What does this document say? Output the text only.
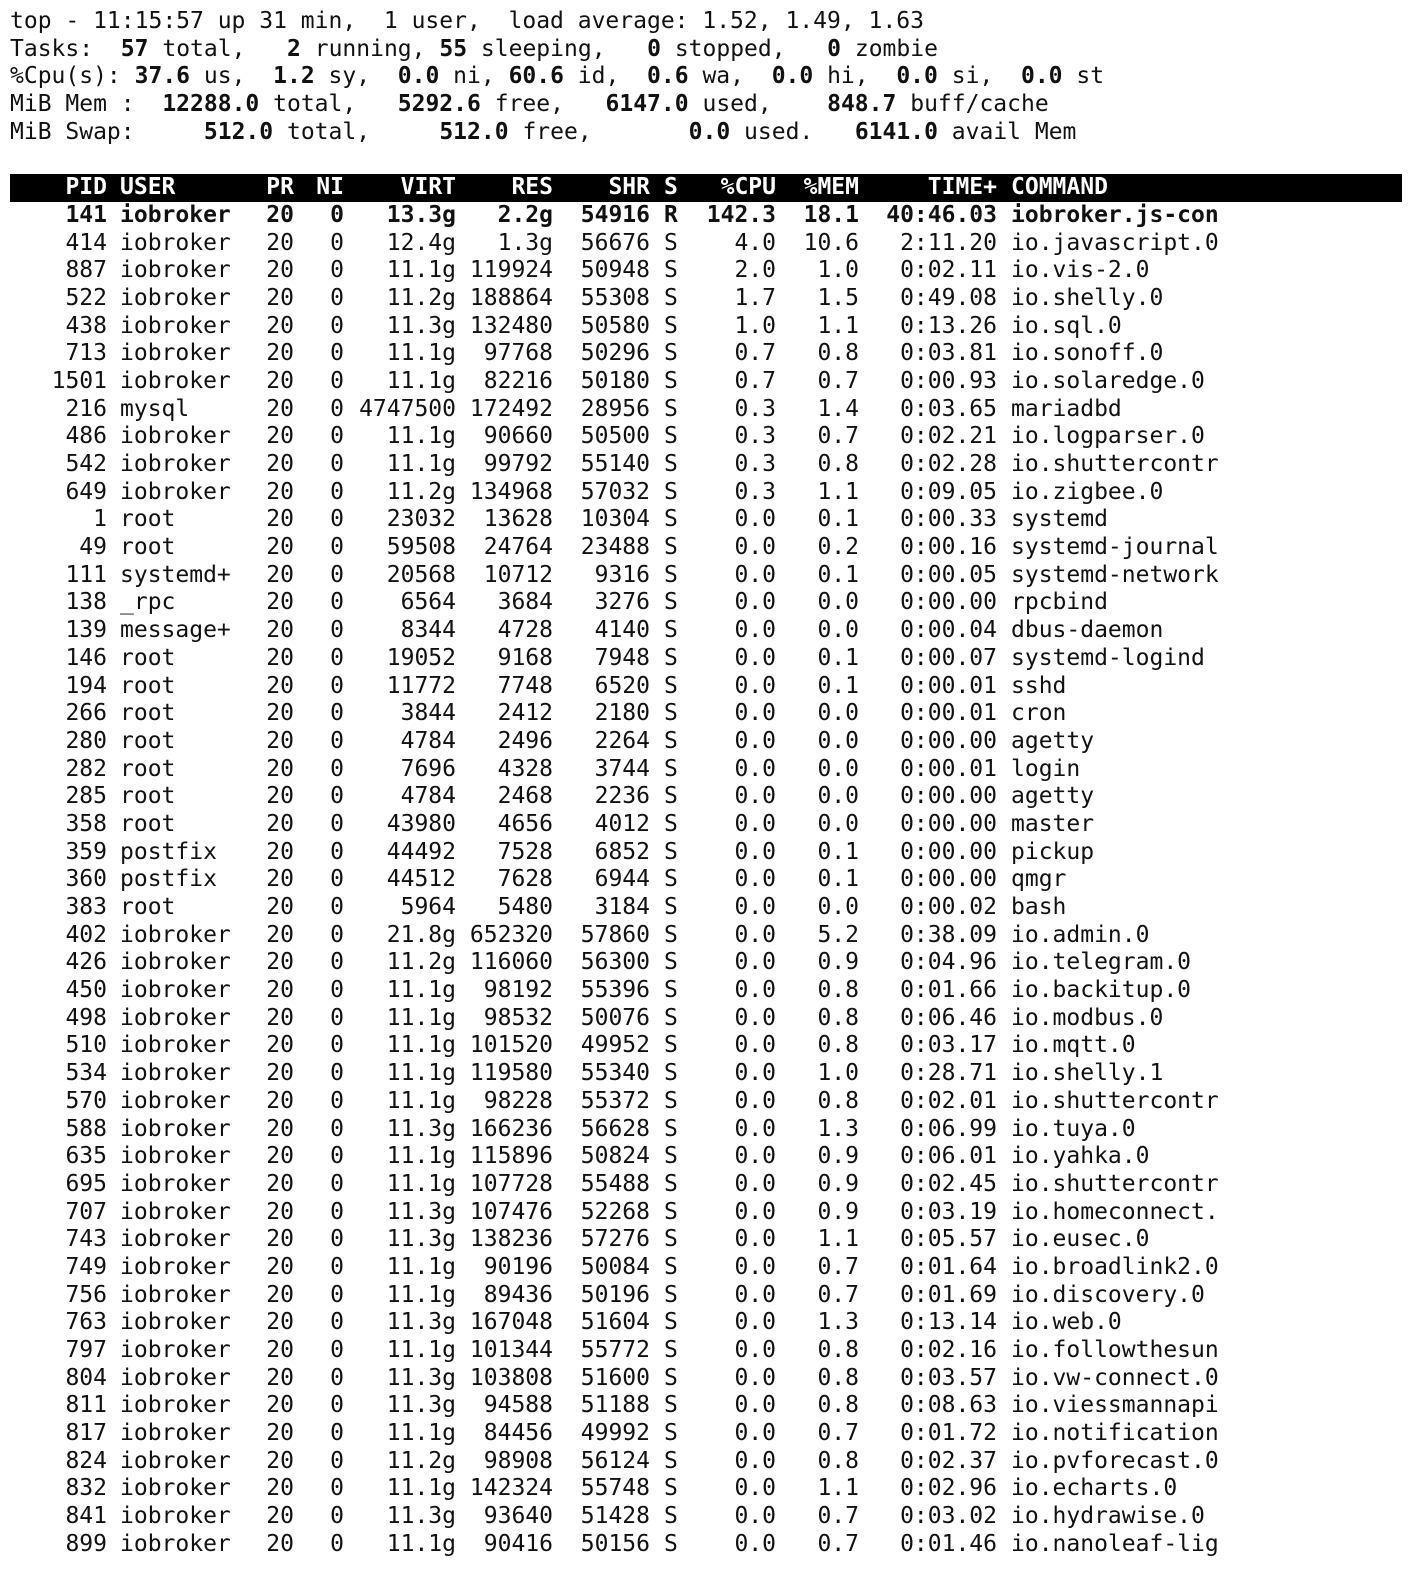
top - 11:15:57 up 31 min,  1 user,  load average: 1.52, 1.49, 1.63
Tasks: 57 total, 2 running, 55 sleeping, 0 stopped, 0 zombie
%Cpu(s): 37.6 us,  1.2 sy,  0.0 ni, 60.6 id,  0.6 wa,  0.0 hi,  0.0 si,  0.0 st
MiB Mem : 12288.0 total, 5292.6 free, 6147.0 used, 848.7 buff/cache
MiB Swap:	512.0 total,	512.0 free,	0.0 used. 6141.0 avail Mem
PID USER	PR NI VIRT RES SHR S %CPU %MEM	TIME+ COMMAND
141 iobroker 20 0 13.3g 2.2g 54916 R 142.3 18.1 40:46.03 iobroker.js-con
414 iobroker 20 0 12.4g 1.3g 56676 S 4.0 10.6 2:11.20 io.javascript.0
887 iobroker 20 0 11.1g 119924 50948 S 2.0 1.0 0:02.11 io.vis-2.0
522 iobroker 20 0 11.2g 188864 55308 S 1.7 1.5 0:49.08 io.shelly.0
438 iobroker 20 0 11.3g 132480 50580 S 1.0 1.1 0:13.26 io.sql.0
713 iobroker 20 0 11.1g 97768 50296 S 0.7 0.8 0:03.81 io.sonoff.0
1501 iobroker 20 0 11.1g 82216 50180 S 0.7 0.7 0:00.93 io.solaredge.0
216 mysql	20 0 4747500 172492 28956 S 0.3 1.4 0:03.65 mariadbd
486 iobroker 20 0 11.1g 90660 50500 S 0.3 0.7 0:02.21 io.logparser.0
542 iobroker 20 0 11.1g 99792 55140 S 0.3 0.8 0:02.28 io.shuttercontr
649 iobroker 20 0 11.2g 134968 57032 S 0.3 1.1 0:09.05 io.zigbee.0
1 root	20 0 23032 13628 10304 S 0.0 0.1 0:00.33 systemd
49 root	20 0 59508 24764 23488 S 0.0 0.2 0:00.16 systemd-journal
111 systemd+ 20 0 20568 10712 9316 S 0.0 0.1 0:00.05 systemd-network
138 _rpc	20 0 6564 3684 3276 S 0.0 0.0 0:00.00 rpcbind
139 message+ 20 0 8344 4728 4140 S 0.0 0.0 0:00.04 dbus-daemon
146 root	20 0 19052 9168 7948 S 0.0 0.1 0:00.07 systemd-logind
194 root	20 0 11772 7748 6520 S 0.0 0.1 0:00.01 sshd
266 root	20 0 3844 2412 2180 S 0.0 0.0 0:00.01 cron
280 root	20 0 4784 2496 2264 S 0.0 0.0 0:00.00 agetty
282 root	20 0 7696 4328 3744 S 0.0 0.0 0:00.01 login
285 root	20 0 4784 2468 2236 S 0.0 0.0 0:00.00 agetty
358 root	20 0 43980 4656 4012 S 0.0 0.0 0:00.00 master
359 postfix 20 0 44492 7528 6852 S 0.0 0.1 0:00.00 pickup
360 postfix 20 0 44512 7628 6944 S 0.0 0.1 0:00.00 qmgr
383 root	20 0 5964 5480 3184 S 0.0 0.0 0:00.02 bash
402 iobroker 20 0 21.8g 652320 57860 S 0.0 5.2 0:38.09 io.admin.0
426 iobroker 20 0 11.2g 116060 56300 S 0.0 0.9 0:04.96 io.telegram.0
450 iobroker 20 0 11.1g 98192 55396 S 0.0 0.8 0:01.66 io.backitup.0
498 iobroker 20 0 11.1g 98532 50076 S 0.0 0.8 0:06.46 io.modbus.0
510 iobroker 20 0 11.1g 101520 49952 S 0.0 0.8 0:03.17 io.mqtt.0
534 iobroker 20 0 11.1g 119580 55340 S 0.0 1.0 0:28.71 io.shelly.1
570 iobroker 20 0 11.1g 98228 55372 S 0.0 0.8 0:02.01 io.shuttercontr
588 iobroker 20 0 11.3g 166236 56628 S 0.0 1.3 0:06.99 io.tuya.0
635 iobroker 20 0 11.1g 115896 50824 S 0.0 0.9 0:06.01 io.yahka.0
695 iobroker 20 0 11.1g 107728 55488 S 0.0 0.9 0:02.45 io.shuttercontr
707 iobroker 20 0 11.3g 107476 52268 S 0.0 0.9 0:03.19 io.homeconnect.
743 iobroker 20 0 11.3g 138236 57276 S 0.0 1.1 0:05.57 io.eusec.0
749 iobroker 20 0 11.1g 90196 50084 S 0.0 0.7 0:01.64 io.broadlink2.0
756 iobroker 20 0 11.1g 89436 50196 S 0.0 0.7 0:01.69 io.discovery.0
763 iobroker 20 0 11.3g 167048 51604 S 0.0 1.3 0:13.14 io.web.0
797 iobroker 20 0 11.1g 101344 55772 S 0.0 0.8 0:02.16 io.followthesun
804 iobroker 20 0 11.3g 103808 51600 S 0.0 0.8 0:03.57 io.vw-connect.0
811 iobroker 20 0 11.3g 94588 51188 S 0.0 0.8 0:08.63 io.viessmannapi
817 iobroker 20 0 11.1g 84456 49992 S 0.0 0.7 0:01.72 io.notification
824 iobroker 20 0 11.2g 98908 56124 S 0.0 0.8 0:02.37 io.pvforecast.0
832 iobroker 20 0 11.1g 142324 55748 S 0.0 1.1 0:02.96 io.echarts.0
841 iobroker 20 0 11.3g 93640 51428 S 0.0 0.7 0:03.02 io.hydrawise.0
899 iobroker 20 0 11.1g 90416 50156 S 0.0 0.7 0:01.46 io.nanoleaf-lig
